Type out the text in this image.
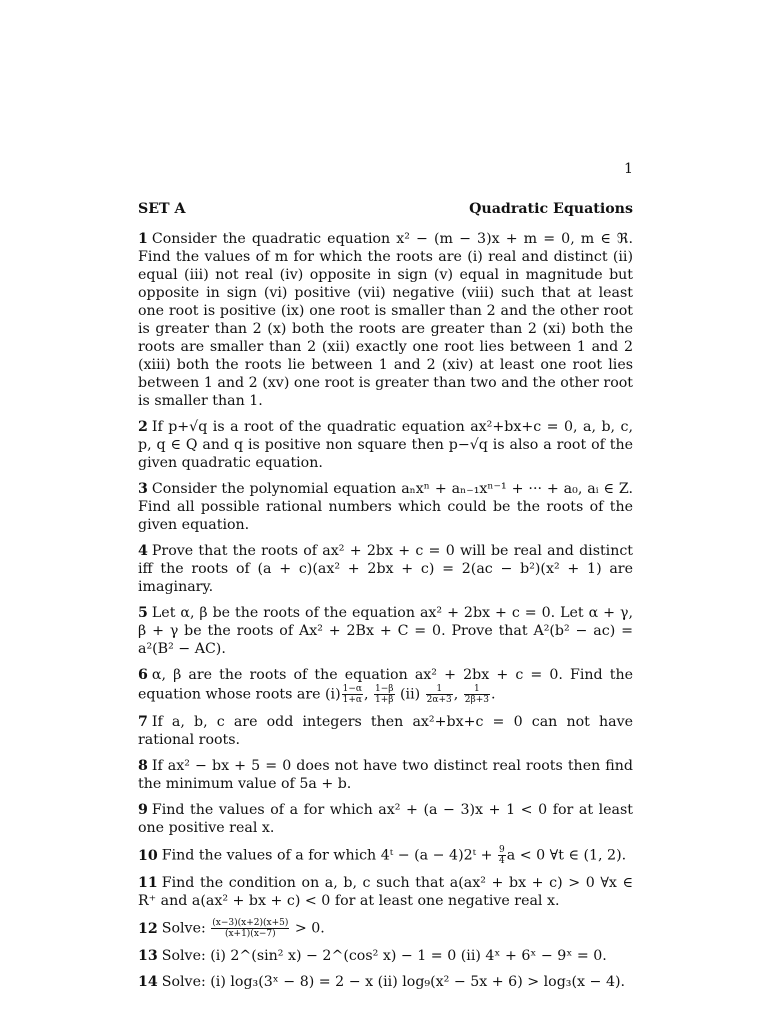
1
SET A	Quadratic Equations

1 Consider the quadratic equation x² − (m − 3)x + m = 0, m ∈ ℜ. Find the values of m for which the roots are (i) real and distinct (ii) equal (iii) not real (iv) opposite in sign (v) equal in magnitude but opposite in sign (vi) positive (vii) negative (viii) such that at least one root is positive (ix) one root is smaller than 2 and the other root is greater than 2 (x) both the roots are greater than 2 (xi) both the roots are smaller than 2 (xii) exactly one root lies between 1 and 2 (xiii) both the roots lie between 1 and 2 (xiv) at least one root lies between 1 and 2 (xv) one root is greater than two and the other root is smaller than 1.

2 If p+√q is a root of the quadratic equation ax²+bx+c = 0, a, b, c, p, q ∈ Q and q is positive non square then p−√q is also a root of the given quadratic equation.

3 Consider the polynomial equation aₙxⁿ + aₙ₋₁xⁿ⁻¹ + ··· + a₀, aᵢ ∈ Z. Find all possible rational numbers which could be the roots of the given equation.

4 Prove that the roots of ax² + 2bx + c = 0 will be real and distinct iff the roots of (a + c)(ax² + 2bx + c) = 2(ac − b²)(x² + 1) are imaginary.

5 Let α, β be the roots of the equation ax² + 2bx + c = 0. Let α + γ, β + γ be the roots of Ax² + 2Bx + C = 0. Prove that A²(b² − ac) = a²(B² − AC).

6 α, β are the roots of the equation ax² + 2bx + c = 0. Find the equation whose roots are $(i) \frac{1-\alpha}{1+\alpha}$ , $\frac{1-\beta}{1+\beta} (ii) \frac{1}{2\alpha+3}$ , $\frac{1}{2\beta+3}$ .

7 If a, b, c are odd integers then ax²+bx+c = 0 can not have rational roots.

8 If ax² − bx + 5 = 0 does not have two distinct real roots then find the minimum value of 5a + b.

9 Find the values of a for which ax² + (a − 3)x + 1 < 0 for at least one positive real x.

10 Find the values of a for which 4ᵗ − (a − 4)2ᵗ + $\frac{9}{4}$ a < 0 ∀t ∈ (1, 2).

11 Find the condition on a, b, c such that a(ax² + bx + c) > 0 ∀x ∈ R⁺ and a(ax² + bx + c) < 0 for at least one negative real x.

12 Solve: $\frac{(x-3)(x+2)(x+5)}{(x+1)(x-7)} > 0$.

13 Solve: (i) 2^(sin² x) − 2^(cos² x) − 1 = 0 (ii) 4ˣ + 6ˣ − 9ˣ = 0.

14 Solve: (i) log₃(3ˣ − 8) = 2 − x (ii) log₉(x² − 5x + 6) > log₃(x − 4).
